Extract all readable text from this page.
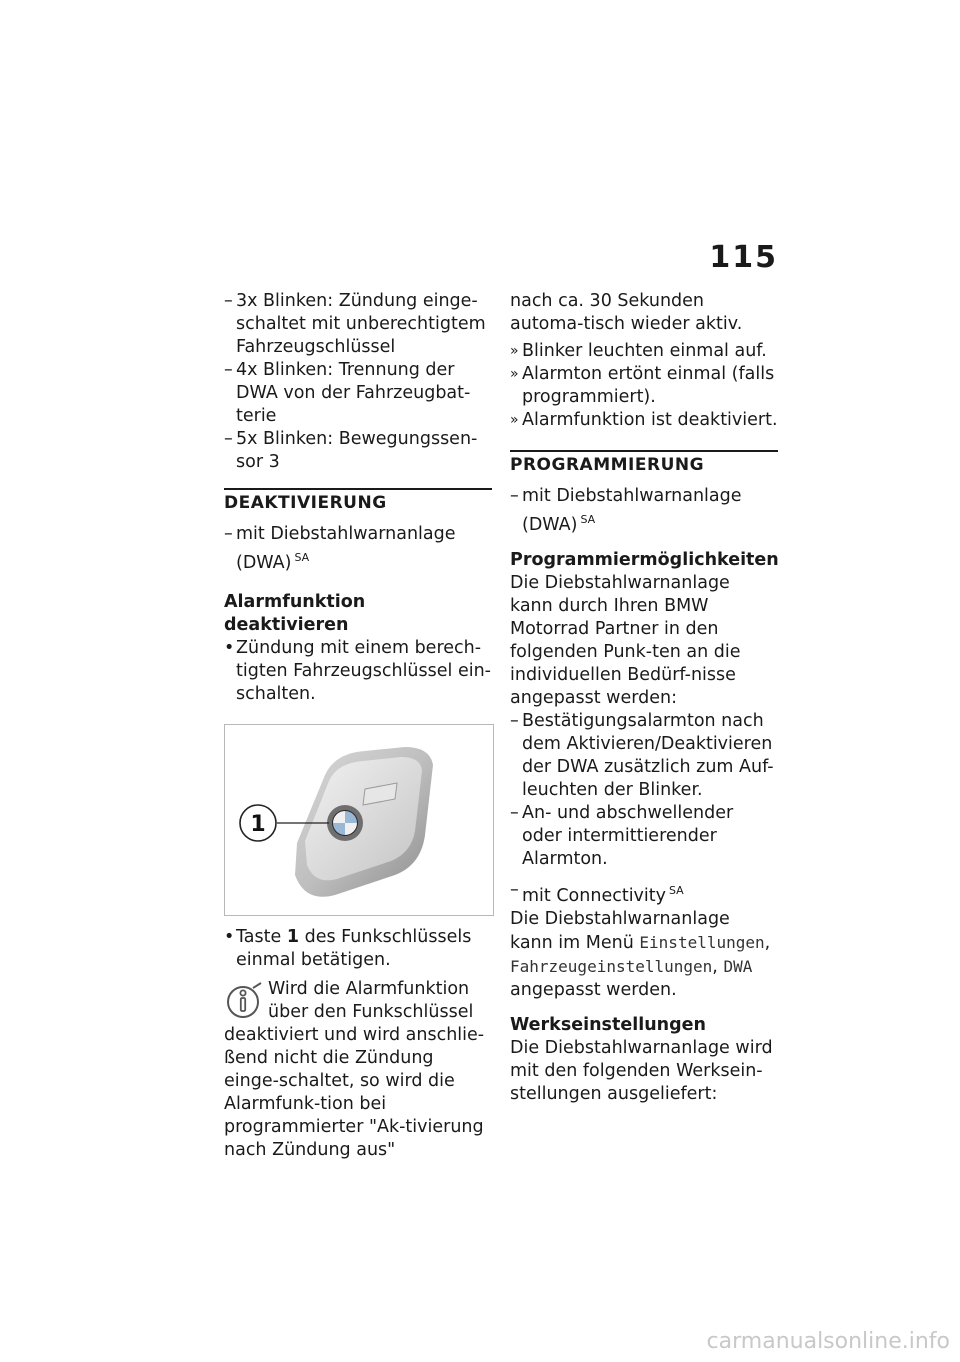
115

– 3x Blinken: Zündung einge-schaltet mit unberechtigtem Fahrzeugschlüssel

– 4x Blinken: Trennung der DWA von der Fahrzeugbat-terie

– 5x Blinken: Bewegungssen-sor 3

DEAKTIVIERUNG

– mit Diebstahlwarnanlage (DWA) $^{SA}$

Alarmfunktion deaktivieren

• Zündung mit einem berech-tigten Fahrzeugschlüssel ein-schalten.

1

• Taste 1 des Funkschlüssels einmal betätigen.

Wird die Alarmfunktion

über den Funkschlüssel

deaktiviert und wird anschlie-ßend nicht die Zündung einge-schaltet, so wird die Alarmfunk-tion bei programmierter "Ak-tivierung nach Zündung aus"

nach ca. 30 Sekunden automa-tisch wieder aktiv.

» Blinker leuchten einmal auf.

» Alarmton ertönt einmal (falls programmiert).

» Alarmfunktion ist deaktiviert.

PROGRAMMIERUNG

– mit Diebstahlwarnanlage (DWA) $^{SA}$

Programmiermöglichkeiten

Die Diebstahlwarnanlage kann durch Ihren BMW Motorrad Partner in den folgenden Punk-ten an die individuellen Bedürf-nisse angepasst werden:

– Bestätigungsalarmton nach dem Aktivieren/Deaktivieren der DWA zusätzlich zum Auf-leuchten der Blinker.

– An- und abschwellender oder intermittierender Alarmton.

– mit Connectivity $^{SA}$

Die Diebstahlwarnanlage kann im Menü Einstellungen, Fahrzeugeinstellungen, DWA angepasst werden.

Werkseinstellungen

Die Diebstahlwarnanlage wird mit den folgenden Werksein-stellungen ausgeliefert:

carmanualsonline.info
